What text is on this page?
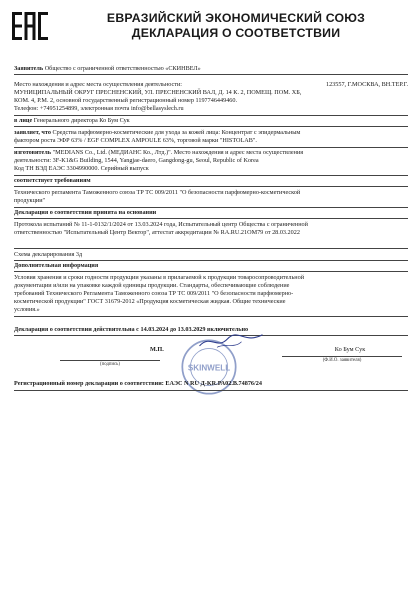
ЕВРАЗИЙСКИЙ ЭКОНОМИЧЕСКИЙ СОЮЗ
ДЕКЛАРАЦИЯ О СООТВЕТСТВИИ
Заявитель Общество с ограниченной ответственностью «СКИНВЕЛ»
Место нахождения и адрес места осуществления деятельности:	123557, Г.МОСКВА, ВН.ТЕР.Г.
МУНИЦИПАЛЬНЫЙ ОКРУГ ПРЕСНЕНСКИЙ, УЛ. ПРЕСНЕНСКИЙ ВАЛ, Д. 14 К. 2, ПОМЕЩ. ПОМ. ХБ,
КОМ. 4, Р.М. 2, основной государственный регистрационный номер 1197746449460.
Телефон: +74951254899, электронная почта info@bellasyslech.ru
в лице Генерального директора Ко Бум Сук
заявляет, что Средства парфюмерно-косметические для ухода за кожей лица: Концентрат с эпидермальным
фактором роста ЭФР 63% / EGF COMPLEX AMPOULE 63%, торговой марки "HISTOLAB".
изготовитель "MEDIANS Co., Ltd. (МЕДИАНС Ко., Лтд.)". Место нахождения и адрес места осуществления
деятельности: 3F-K1&G Building, 1544, Yangjae-daero, Gangdong-gu, Seoul, Republic of Korea
Код ТН ВЭД ЕАЭС 3304990000. Серийный выпуск
соответствует требованиям
Технического регламента Таможенного союза ТР ТС 009/2011 "О безопасности парфюмерно-косметической
продукции"
Декларация о соответствии принята на основании
Протокола испытаний № 11-1-0132/1/2024 от 13.03.2024 года, Испытательный центр Общества с ограниченной
ответственностью "Испытательный Центр Вектор", аттестат аккредитации № RA.RU.21OM79 от 28.03.2022
Схема декларирования 3д
Дополнительная информация
Условия хранения и сроки годности продукции указаны в прилагаемой к продукции товаросопроводительной
документации и/или на упаковке каждой единицы продукции. Стандарты, обеспечивающие соблюдение
требований Технического Регламента Таможенного союза ТР ТС 009/2011 "О безопасности парфюмерно-
косметической продукции" ГОСТ 31679-2012 «Продукция косметическая жидкая. Общие технические
условия.»
Декларация о соответствии действительна с 14.03.2024 до 13.03.2029 включительно
М.П.	Ко Бум Сук
(подпись)
(Ф.И.О. заявителя)
SKINWELL
Регистрационный номер декларации о соответствии: ЕАЭС N RU Д-KR.РА02.В.74876/24
